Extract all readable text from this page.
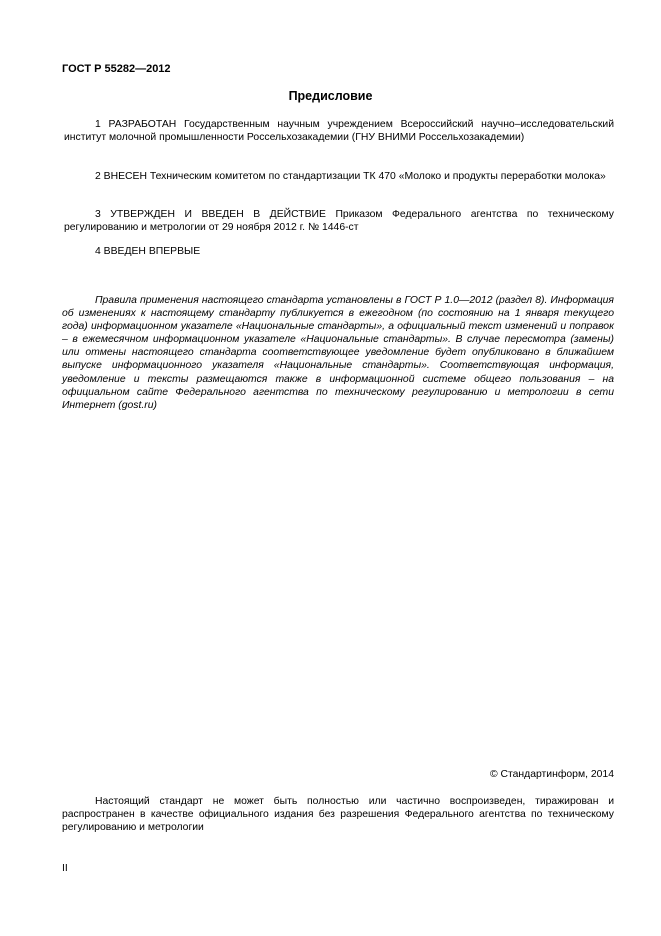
ГОСТ Р 55282—2012
Предисловие

1 РАЗРАБОТАН Государственным научным учреждением Всероссийский научно–исследовательский институт молочной промышленности Россельхозакадемии (ГНУ ВНИМИ Россельхозакадемии)

2 ВНЕСЕН Техническим комитетом по стандартизации ТК 470 «Молоко и продукты переработки молока»

3 УТВЕРЖДЕН И ВВЕДЕН В ДЕЙСТВИЕ Приказом Федерального агентства по техническому регулированию и метрологии от 29 ноября 2012 г. № 1446-ст

4 ВВЕДЕН ВПЕРВЫЕ

Правила применения настоящего стандарта установлены в ГОСТ Р 1.0—2012 (раздел 8). Информация об изменениях к настоящему стандарту публикуется в ежегодном (по состоянию на 1 января текущего года) информационном указателе «Национальные стандарты», а официальный текст изменений и поправок – в ежемесячном информационном указателе «Национальные стандарты». В случае пересмотра (замены) или отмены настоящего стандарта соответствующее уведомление будет опубликовано в ближайшем выпуске информационного указателя «Национальные стандарты». Соответствующая информация, уведомление и тексты размещаются также в информационной системе общего пользования – на официальном сайте Федерального агентства по техническому регулированию и метрологии в сети Интернет (gost.ru)

© Стандартинформ, 2014

Настоящий стандарт не может быть полностью или частично воспроизведен, тиражирован и распространен в качестве официального издания без разрешения Федерального агентства по техническому регулированию и метрологии

II
